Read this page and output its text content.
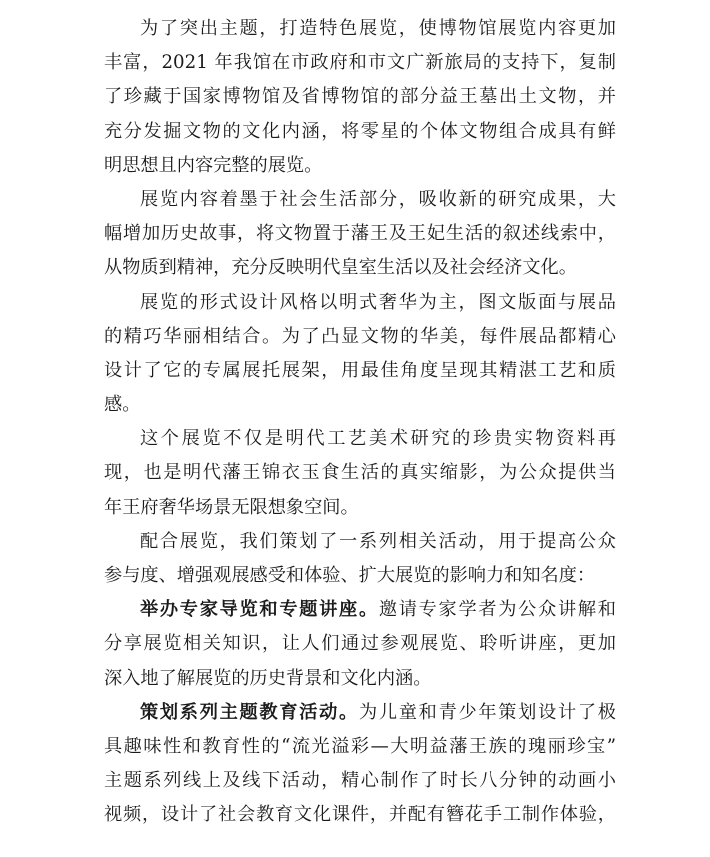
为了突出主题，打造特色展览，使博物馆展览内容更加
丰富，2021 年我馆在市政府和市文广新旅局的支持下，复制
了珍藏于国家博物馆及省博物馆的部分益王墓出土文物，并
充分发掘文物的文化内涵，将零星的个体文物组合成具有鲜
明思想且内容完整的展览。
展览内容着墨于社会生活部分，吸收新的研究成果，大
幅增加历史故事，将文物置于藩王及王妃生活的叙述线索中，
从物质到精神，充分反映明代皇室生活以及社会经济文化。
展览的形式设计风格以明式奢华为主，图文版面与展品
的精巧华丽相结合。为了凸显文物的华美，每件展品都精心
设计了它的专属展托展架，用最佳角度呈现其精湛工艺和质
感。
这个展览不仅是明代工艺美术研究的珍贵实物资料再
现，也是明代藩王锦衣玉食生活的真实缩影，为公众提供当
年王府奢华场景无限想象空间。
配合展览，我们策划了一系列相关活动，用于提高公众
参与度、增强观展感受和体验、扩大展览的影响力和知名度：
举办专家导览和专题讲座。邀请专家学者为公众讲解和
分享展览相关知识，让人们通过参观展览、聆听讲座，更加
深入地了解展览的历史背景和文化内涵。
策划系列主题教育活动。为儿童和青少年策划设计了极
具趣味性和教育性的“流光溢彩—大明益藩王族的瑰丽珍宝”
主题系列线上及线下活动，精心制作了时长八分钟的动画小
视频，设计了社会教育文化课件，并配有簪花手工制作体验，
